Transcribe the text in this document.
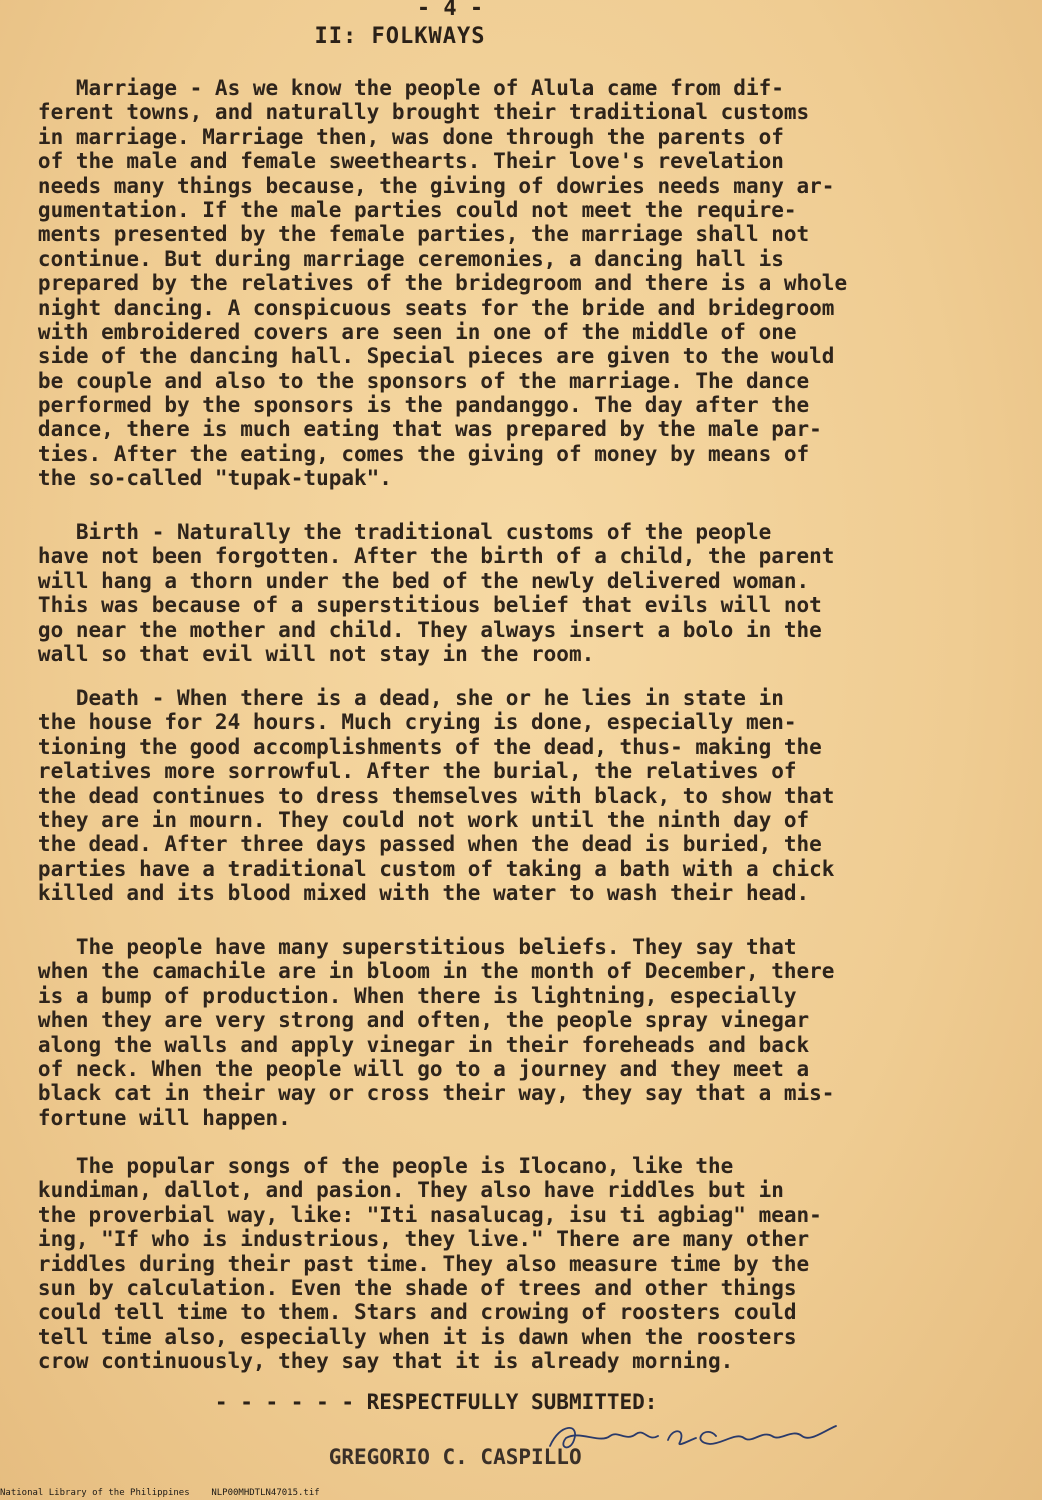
- 4 -
II: FOLKWAYS
Marriage - As we know the people of Alula came from dif-
ferent towns, and naturally brought their traditional customs
in marriage. Marriage then, was done through the parents of
of the male and female sweethearts. Their love's revelation
needs many things because, the giving of dowries needs many ar-
gumentation. If the male parties could not meet the require-
ments presented by the female parties, the marriage shall not
continue. But during marriage ceremonies, a dancing hall is
prepared by the relatives of the bridegroom and there is a whole
night dancing. A conspicuous seats for the bride and bridegroom
with embroidered covers are seen in one of the middle of one
side of the dancing hall. Special pieces are given to the would
be couple and also to the sponsors of the marriage. The dance
performed by the sponsors is the pandanggo. The day after the
dance, there is much eating that was prepared by the male par-
ties. After the eating, comes the giving of money by means of
the so-called "tupak-tupak".
Birth - Naturally the traditional customs of the people
have not been forgotten. After the birth of a child, the parent
will hang a thorn under the bed of the newly delivered woman.
This was because of a superstitious belief that evils will not
go near the mother and child. They always insert a bolo in the
wall so that evil will not stay in the room.
Death - When there is a dead, she or he lies in state in
the house for 24 hours. Much crying is done, especially men-
tioning the good accomplishments of the dead, thus- making the
relatives more sorrowful. After the burial, the relatives of
the dead continues to dress themselves with black, to show that
they are in mourn. They could not work until the ninth day of
the dead. After three days passed when the dead is buried, the
parties have a traditional custom of taking a bath with a chick
killed and its blood mixed with the water to wash their head.
The people have many superstitious beliefs. They say that
when the camachile are in bloom in the month of December, there
is a bump of production. When there is lightning, especially
when they are very strong and often, the people spray vinegar
along the walls and apply vinegar in their foreheads and back
of neck. When the people will go to a journey and they meet a
black cat in their way or cross their way, they say that a mis-
fortune will happen.
The popular songs of the people is Ilocano, like the
kundiman, dallot, and pasion. They also have riddles but in
the proverbial way, like: "Iti nasalucag, isu ti agbiag" mean-
ing, "If who is industrious, they live." There are many other
riddles during their past time. They also measure time by the
sun by calculation. Even the shade of trees and other things
could tell time to them. Stars and crowing of roosters could
tell time also, especially when it is dawn when the roosters
crow continuously, they say that it is already morning.
- - - - - - RESPECTFULLY SUBMITTED:
GREGORIO C. CASPILLO
National Library of the Philippines    NLP00MHDTLN47015.tif
